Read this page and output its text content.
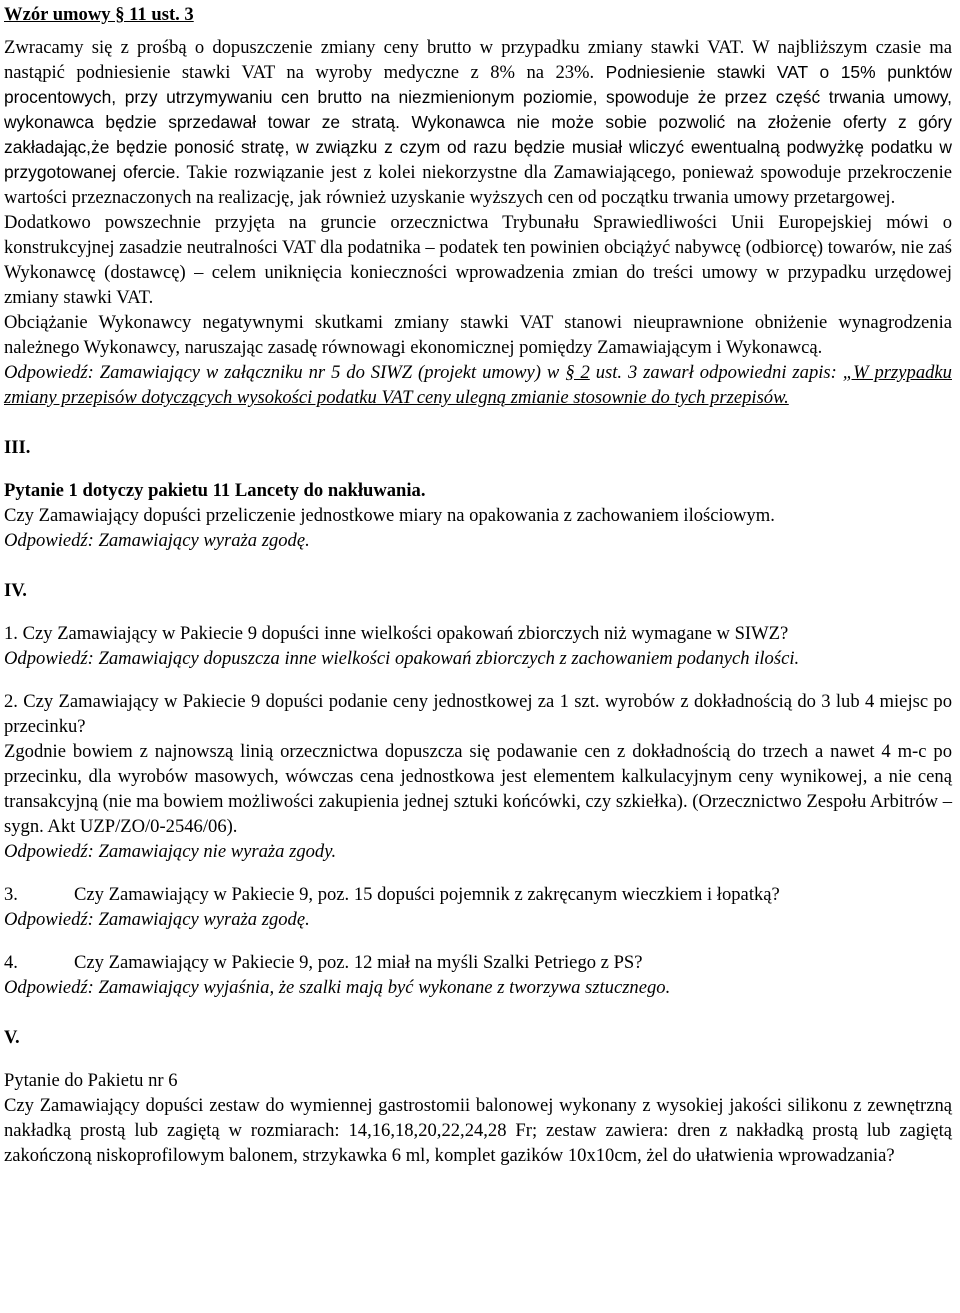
Wzór umowy § 11 ust. 3

Zwracamy się z prośbą o dopuszczenie zmiany ceny brutto w przypadku zmiany stawki VAT. W najbliższym czasie ma nastąpić podniesienie stawki VAT na wyroby medyczne z 8% na 23%. Podniesienie stawki VAT o 15% punktów procentowych, przy utrzymywaniu cen brutto na niezmienionym poziomie, spowoduje że przez część trwania umowy, wykonawca będzie sprzedawał towar ze stratą. Wykonawca nie może sobie pozwolić na złożenie oferty z góry zakładając,że będzie ponosić stratę, w związku z czym od razu będzie musiał wliczyć ewentualną podwyżkę podatku w przygotowanej ofercie. Takie rozwiązanie jest z kolei niekorzystne dla Zamawiającego, ponieważ spowoduje przekroczenie wartości przeznaczonych na realizację, jak również uzyskanie wyższych cen od początku trwania umowy przetargowej.

Dodatkowo powszechnie przyjęta na gruncie orzecznictwa Trybunału Sprawiedliwości Unii Europejskiej mówi o konstrukcyjnej zasadzie neutralności VAT dla podatnika – podatek ten powinien obciążyć nabywcę (odbiorcę) towarów, nie zaś Wykonawcę (dostawcę) – celem uniknięcia konieczności wprowadzenia zmian do treści umowy w przypadku urzędowej zmiany stawki VAT.

Obciążanie Wykonawcy negatywnymi skutkami zmiany stawki VAT stanowi nieuprawnione obniżenie wynagrodzenia należnego Wykonawcy, naruszając zasadę równowagi ekonomicznej pomiędzy Zamawiającym i Wykonawcą.

Odpowiedź: Zamawiający w załączniku nr 5 do SIWZ (projekt umowy) w § 2 ust. 3 zawarł odpowiedni zapis: „W przypadku zmiany przepisów dotyczących wysokości podatku VAT ceny ulegną zmianie stosownie do tych przepisów.

III.

Pytanie 1 dotyczy pakietu 11 Lancety do nakłuwania.

Czy Zamawiający dopuści przeliczenie jednostkowe miary na opakowania z zachowaniem ilościowym.

Odpowiedź: Zamawiający wyraża zgodę.

IV.

1. Czy Zamawiający w Pakiecie 9 dopuści inne wielkości opakowań zbiorczych niż wymagane w SIWZ?

Odpowiedź: Zamawiający dopuszcza inne wielkości opakowań zbiorczych z zachowaniem podanych ilości.

2. Czy Zamawiający w Pakiecie 9 dopuści podanie ceny jednostkowej za 1 szt. wyrobów z dokładnością do 3 lub 4 miejsc po przecinku?

Zgodnie bowiem z najnowszą linią orzecznictwa dopuszcza się podawanie cen z dokładnością do trzech a nawet 4 m-c po przecinku, dla wyrobów masowych, wówczas cena jednostkowa jest elementem kalkulacyjnym ceny wynikowej, a nie ceną transakcyjną (nie ma bowiem możliwości zakupienia jednej sztuki końcówki, czy szkiełka). (Orzecznictwo Zespołu Arbitrów – sygn. Akt UZP/ZO/0-2546/06).

Odpowiedź: Zamawiający nie wyraża zgody.

3.	Czy Zamawiający w Pakiecie 9, poz. 15 dopuści pojemnik z zakręcanym wieczkiem i łopatką?

Odpowiedź: Zamawiający wyraża zgodę.

4.	Czy Zamawiający w Pakiecie 9, poz. 12 miał na myśli Szalki Petriego z PS?

Odpowiedź: Zamawiający wyjaśnia, że szalki mają być wykonane z tworzywa sztucznego.

V.

Pytanie do Pakietu nr 6

Czy Zamawiający dopuści zestaw do wymiennej gastrostomii balonowej wykonany z wysokiej jakości silikonu z zewnętrzną nakładką prostą lub zagiętą w rozmiarach: 14,16,18,20,22,24,28 Fr; zestaw zawiera: dren z nakładką prostą lub zagiętą zakończoną niskoprofilowym balonem, strzykawka 6 ml, komplet gazików 10x10cm, żel do ułatwienia wprowadzania?
